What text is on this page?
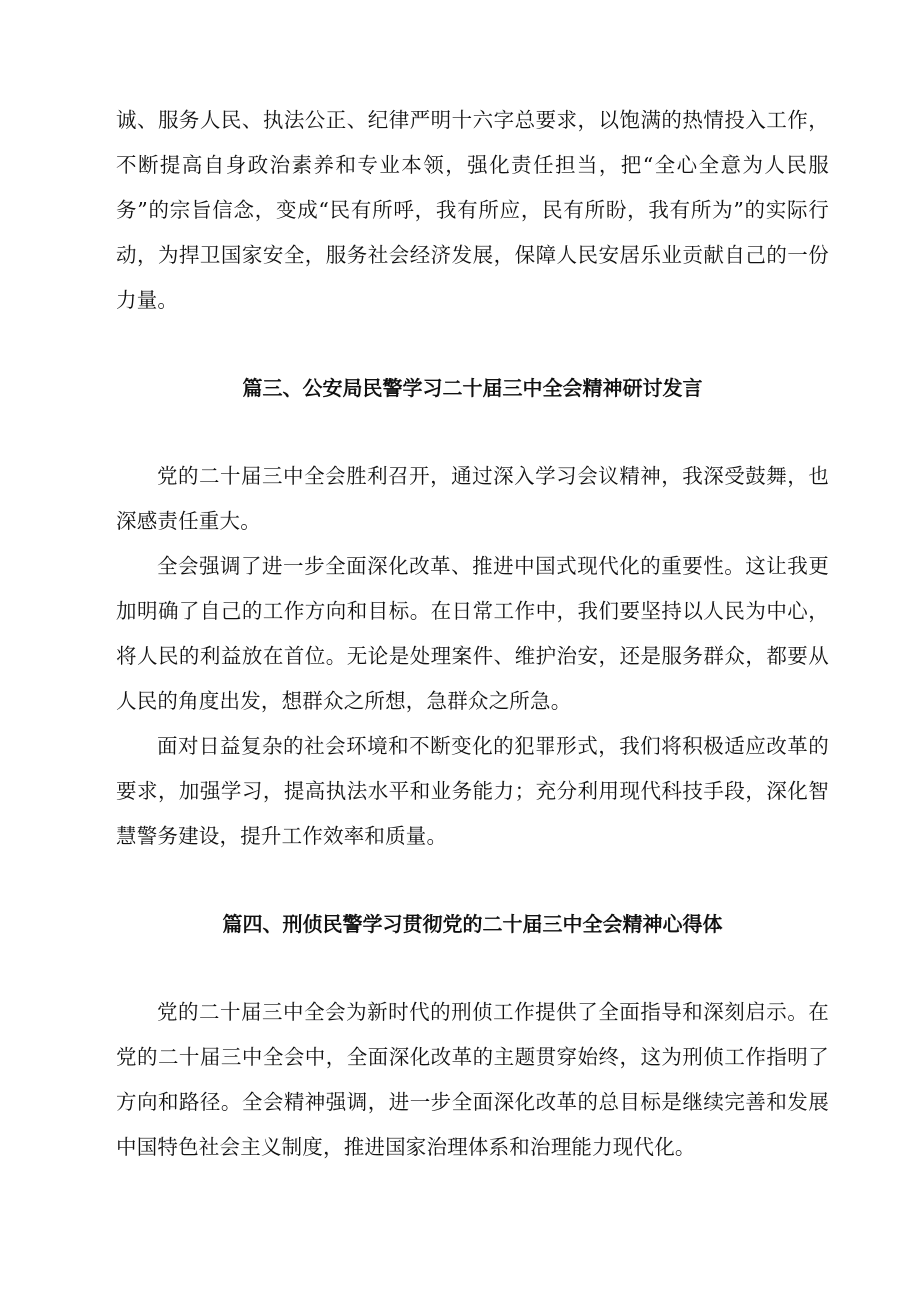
诚、服务人民、执法公正、纪律严明十六字总要求，以饱满的热情投入工作，不断提高自身政治素养和专业本领，强化责任担当，把“全心全意为人民服务”的宗旨信念，变成“民有所呼，我有所应，民有所盼，我有所为”的实际行动，为捍卫国家安全，服务社会经济发展，保障人民安居乐业贡献自己的一份力量。

篇三、公安局民警学习二十届三中全会精神研讨发言

党的二十届三中全会胜利召开，通过深入学习会议精神，我深受鼓舞，也深感责任重大。

全会强调了进一步全面深化改革、推进中国式现代化的重要性。这让我更加明确了自己的工作方向和目标。在日常工作中，我们要坚持以人民为中心，将人民的利益放在首位。无论是处理案件、维护治安，还是服务群众，都要从人民的角度出发，想群众之所想，急群众之所急。

面对日益复杂的社会环境和不断变化的犯罪形式，我们将积极适应改革的要求，加强学习，提高执法水平和业务能力；充分利用现代科技手段，深化智慧警务建设，提升工作效率和质量。

篇四、刑侦民警学习贯彻党的二十届三中全会精神心得体

党的二十届三中全会为新时代的刑侦工作提供了全面指导和深刻启示。在党的二十届三中全会中，全面深化改革的主题贯穿始终，这为刑侦工作指明了方向和路径。全会精神强调，进一步全面深化改革的总目标是继续完善和发展中国特色社会主义制度，推进国家治理体系和治理能力现代化。
